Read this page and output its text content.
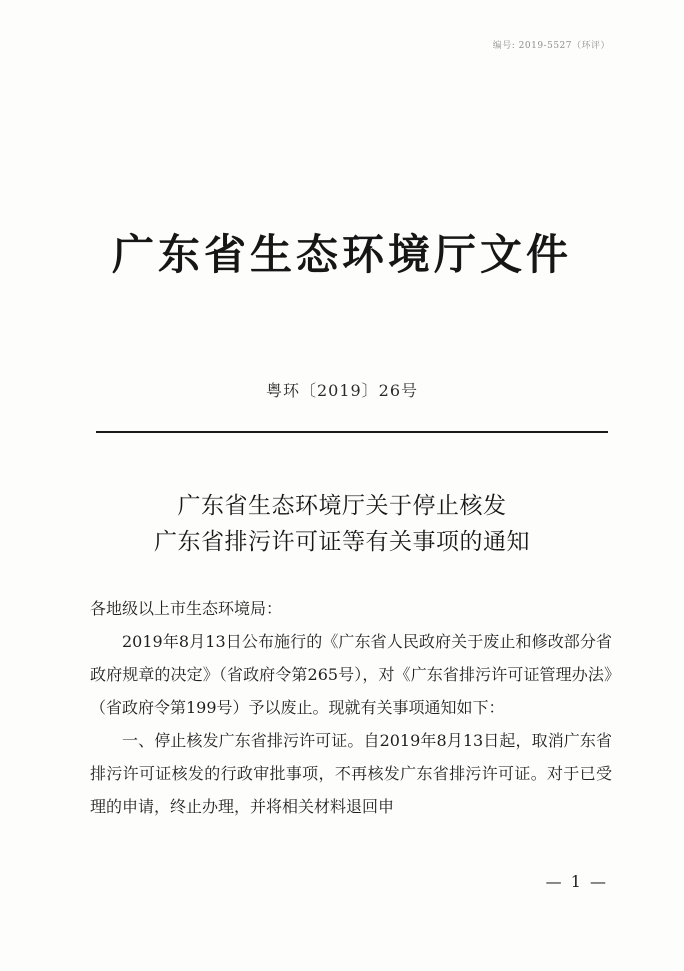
编号: 2019-5527（环评）
广东省生态环境厅文件
粤环〔2019〕26号
广东省生态环境厅关于停止核发
广东省排污许可证等有关事项的通知

各地级以上市生态环境局：

2019年8月13日公布施行的《广东省人民政府关于废止和修改部分省政府规章的决定》（省政府令第265号），对《广东省排污许可证管理办法》（省政府令第199号）予以废止。现就有关事项通知如下：

一、停止核发广东省排污许可证。自2019年8月13日起，取消广东省排污许可证核发的行政审批事项，不再核发广东省排污许可证。对于已受理的申请，终止办理，并将相关材料退回申

— 1 —
